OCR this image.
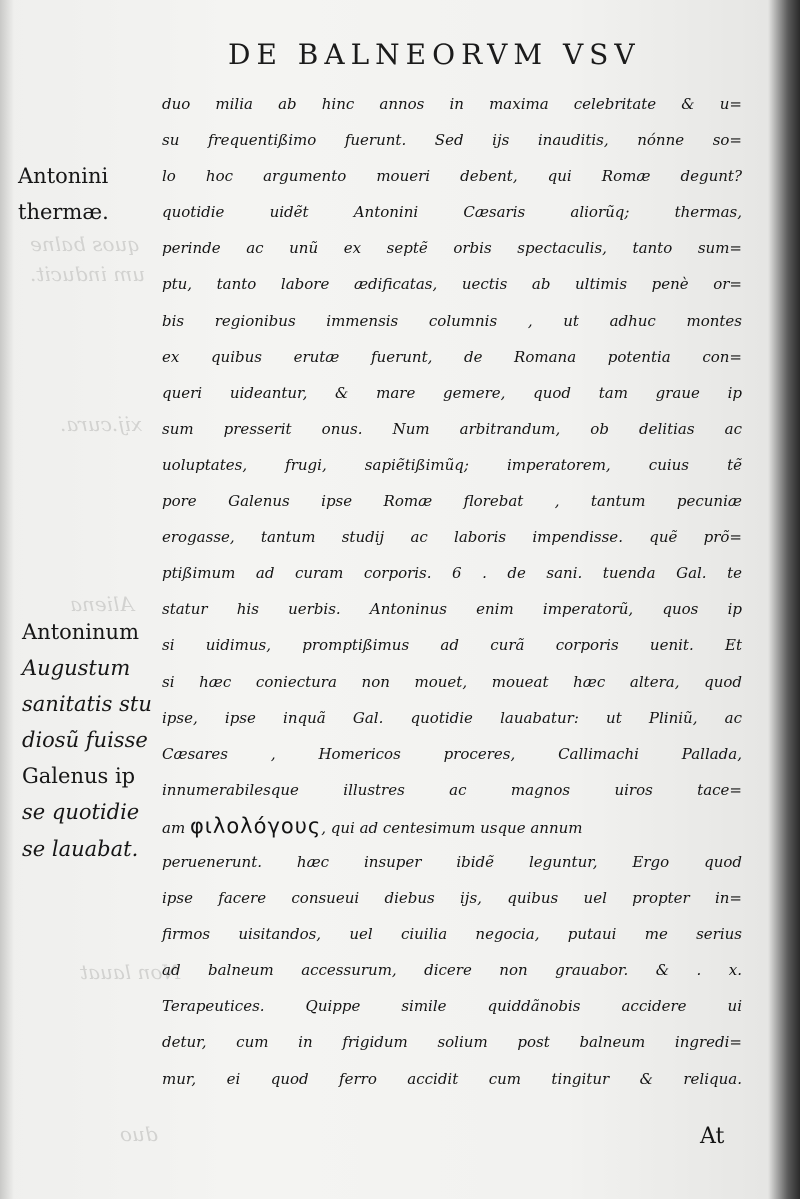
quos balne
um inducit.
xij.cura.
Aliena
Non lauat
duo
DE BALNEORVM VSV
Antonini
thermæ.
Antoninum
Augustum
sanitatis stu
diosũ fuisse
Galenus ip
se quotidie
se lauabat.
duo milia ab hinc annos in maxima celebritate & u=
su frequentißimo fuerunt. Sed ijs inauditis, nónne so=
lo hoc argumento moueri debent, qui Romæ degunt?
quotidie uidẽt Antonini Cæsaris aliorũq; thermas,
perinde ac unũ ex septẽ orbis spectaculis, tanto sum=
ptu, tanto labore ædificatas, uectis ab ultimis penè or=
bis regionibus immensis columnis , ut adhuc montes
ex quibus erutæ fuerunt, de Romana potentia con=
queri uideantur, & mare gemere, quod tam graue ip
sum presserit onus. Num arbitrandum, ob delitias ac
uoluptates, frugi, sapiẽtißimũq; imperatorem, cuius tẽ
pore Galenus ipse Romæ florebat , tantum pecuniæ
erogasse, tantum studij ac laboris impendisse. quẽ prõ=
ptißimum ad curam corporis. 6 . de sani. tuenda Gal. te
statur his uerbis. Antoninus enim imperatorũ, quos ip
si uidimus, promptißimus ad curã corporis uenit. Et
si hæc coniectura non mouet, moueat hæc altera, quod
ipse, ipse inquã Gal. quotidie lauabatur: ut Pliniũ, ac
Cæsares , Homericos proceres, Callimachi Pallada,
innumerabilesque illustres ac magnos uiros tace=
am φιλολόγους, qui ad centesimum usque annum
peruenerunt. hæc insuper ibidẽ leguntur, Ergo quod
ipse facere consueui diebus ijs, quibus uel propter in=
firmos uisitandos, uel ciuilia negocia, putaui me serius
ad balneum accessurum, dicere non grauabor. & . x.
Terapeutices. Quippe simile quiddãnobis accidere ui
detur, cum in frigidum solium post balneum ingredi=
mur, ei quod ferro accidit cum tingitur & reliqua.
At
